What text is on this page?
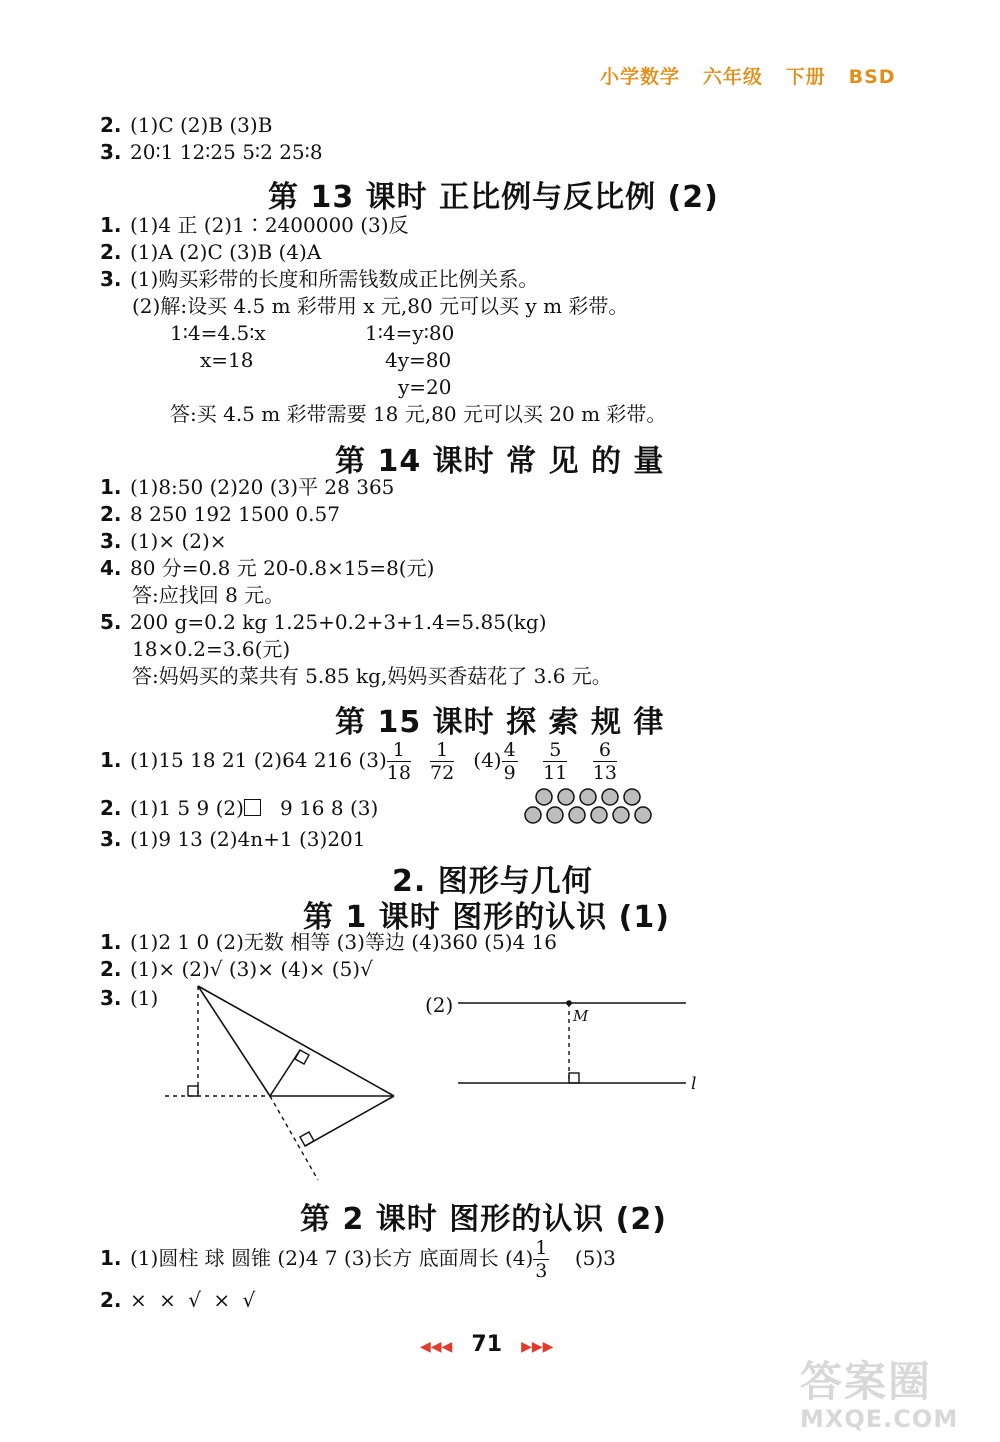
小学数学 六年级 下册 BSD
2. (1)C (2)B (3)B
3. 20∶1 12∶25 5∶2 25∶8
第 13 课时 正比例与反比例 (2)
1. (1)4 正 (2)1∶2400000 (3)反
2. (1)A (2)C (3)B (4)A
3. (1)购买彩带的长度和所需钱数成正比例关系。
(2)解:设买 4.5 m 彩带用 x 元,80 元可以买 y m 彩带。
1∶4=4.5∶x	1∶4=y∶80
x=18	4y=80
y=20
答:买 4.5 m 彩带需要 18 元,80 元可以买 20 m 彩带。
第 14 课时 常 见 的 量
1. (1)8:50 (2)20 (3)平 28 365
2. 8 250 192 1500 0.57
3. (1)× (2)×
4. 80 分=0.8 元 20-0.8×15=8(元)
答:应找回 8 元。
5. 200 g=0.2 kg 1.25+0.2+3+1.4=5.85(kg)
18×0.2=3.6(元)
答:妈妈买的菜共有 5.85 kg,妈妈买香菇花了 3.6 元。
第 15 课时 探 索 规 律
1. (1)15 18 21 (2)64 216 $(3) \frac{1}{18}$
$\frac{1}{72} (4) \frac{4}{9}$
$\frac{5}{11}$
$\frac{6}{13}$
2. (1)1 5 9 (2) 9 16 8 (3)
3. (1)9 13 (2)4n+1 (3)201
2. 图形与几何
第 1 课时 图形的认识 (1)
1. (1)2 1 0 (2)无数 相等 (3)等边 (4)360 (5)4 16
2. (1)× (2)√ (3)× (4)× (5)√
3. (1)	(2)	M
l
第 2 课时 图形的认识 (2)
1. (1)圆柱 球 圆锥 (2)4 7 (3)长方 底面周长 $(4) \frac{1}{3} (5)3$
2. × × √ × √
◀◀◀ 71 ▶▶▶
答案圈
MXQE.COM
